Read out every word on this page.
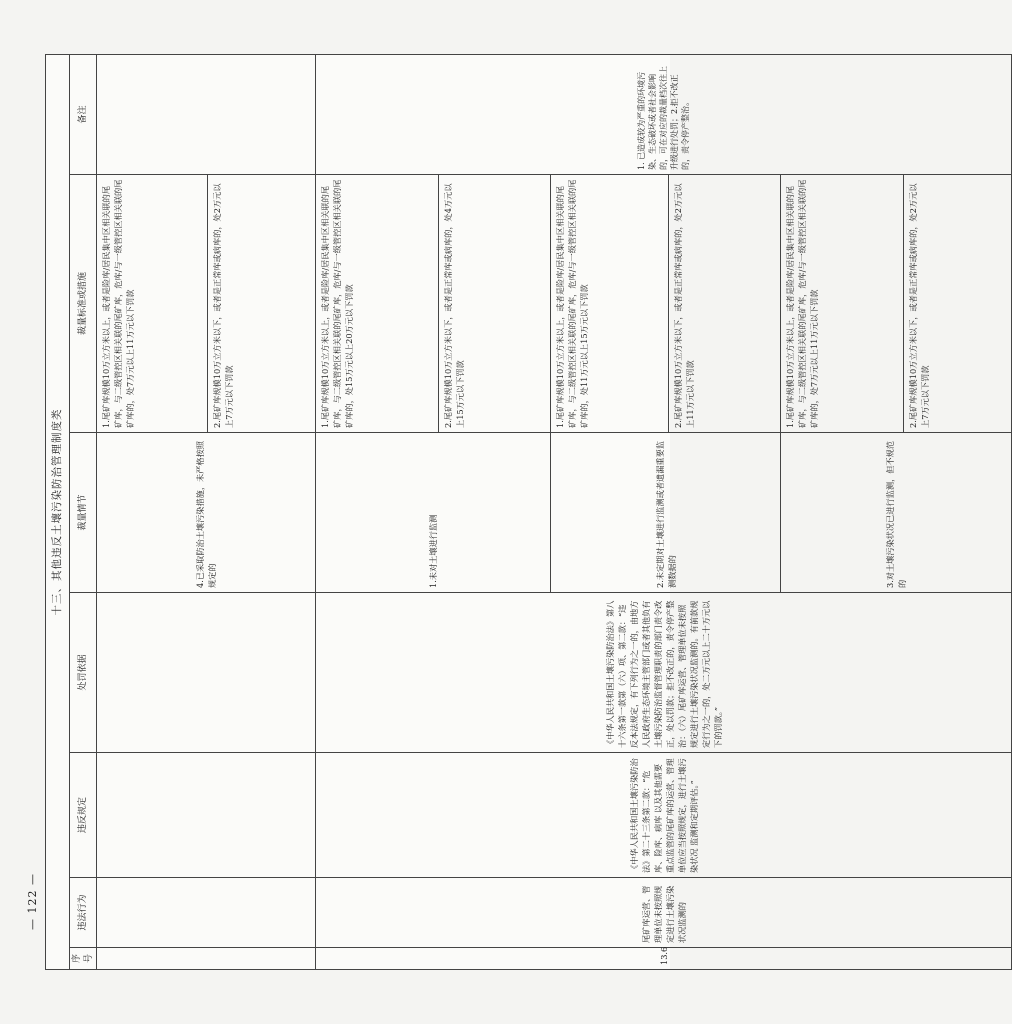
十三、其他违反土壤污染防治管理制度类						
序号	违法行为	违反规定	处罚依据	裁量情节	裁量标准或措施	备注
				4.已采取防治土壤污染措施，未严格按照规定的	1.尾矿库规模10万立方米以上，或者是险库/居民集中区相关联的尾矿库，与二级管控区相关联的尾矿库，危库/与一级管控区相关联的尾矿库的，处7万元以上11万元以下罚款	
					2.尾矿库规模10万立方米以下，或者是正常库或病库的，处2万元以上7万元以下罚款	
13.6	尾矿库运营、管理单位未按照规定进行土壤污染状况监测的	《中华人民共和国土壤污染防治法》第二十三条第二款：“危库、险库、病库 以及其他需要重点监管的尾矿库的运营、管理单位应当按照规定，进行土壤污染状况 监测和定期评估。”	《中华人民共和国土壤污染防治法》第八十六条第一款第（六）项、第二款：“违反本法规定，有下列行为之一的，由地方人民政府生态环境主管部门或者其他负有土壤污染防治监督管理职责的部门责令改正，处以罚款；拒不改正的，责令停产整治：（六）尾矿库运营、管理单位未按照规定进行土壤污染状况监测的。有前款规定行为之一的，处二万元以上二十万元以下的罚款。”	1.未对土壤进行监测	1.尾矿库规模10万立方米以上，或者是险库/居民集中区相关联的尾矿库，与二级管控区相关联的尾矿库，危库/与一级管控区相关联的尾矿库的，处15万元以上20万元以下罚款	1. 已造成较为严重的环境污染、生态破坏或者社会影响的，可在对应的裁量档次往上升级进行处罚；2.拒不改正的，责令停产整治。
					2.尾矿库规模10万立方米以下，或者是正常库或病库的，处4万元以上15万元以下罚款	
				2.未定期对土壤进行监测或者遗漏重要监测数据的	1.尾矿库规模10万立方米以上，或者是险库/居民集中区相关联的尾矿库，与二级管控区相关联的尾矿库，危库/与一级管控区相关联的尾矿库的，处11万元以上15万元以下罚款	
					2.尾矿库规模10万立方米以下，或者是正常库或病库的，处2万元以上11万元以下罚款	
				3.对土壤污染状况已进行监测，但不规范的	1.尾矿库规模10万立方米以上，或者是险库/居民集中区相关联的尾矿库，与二级管控区相关联的尾矿库，危库/与一级管控区相关联的尾矿库的，处7万元以上11万元以下罚款	
					2.尾矿库规模10万立方米以下，或者是正常库或病库的，处2万元以上7万元以下罚款	
— 122 —
